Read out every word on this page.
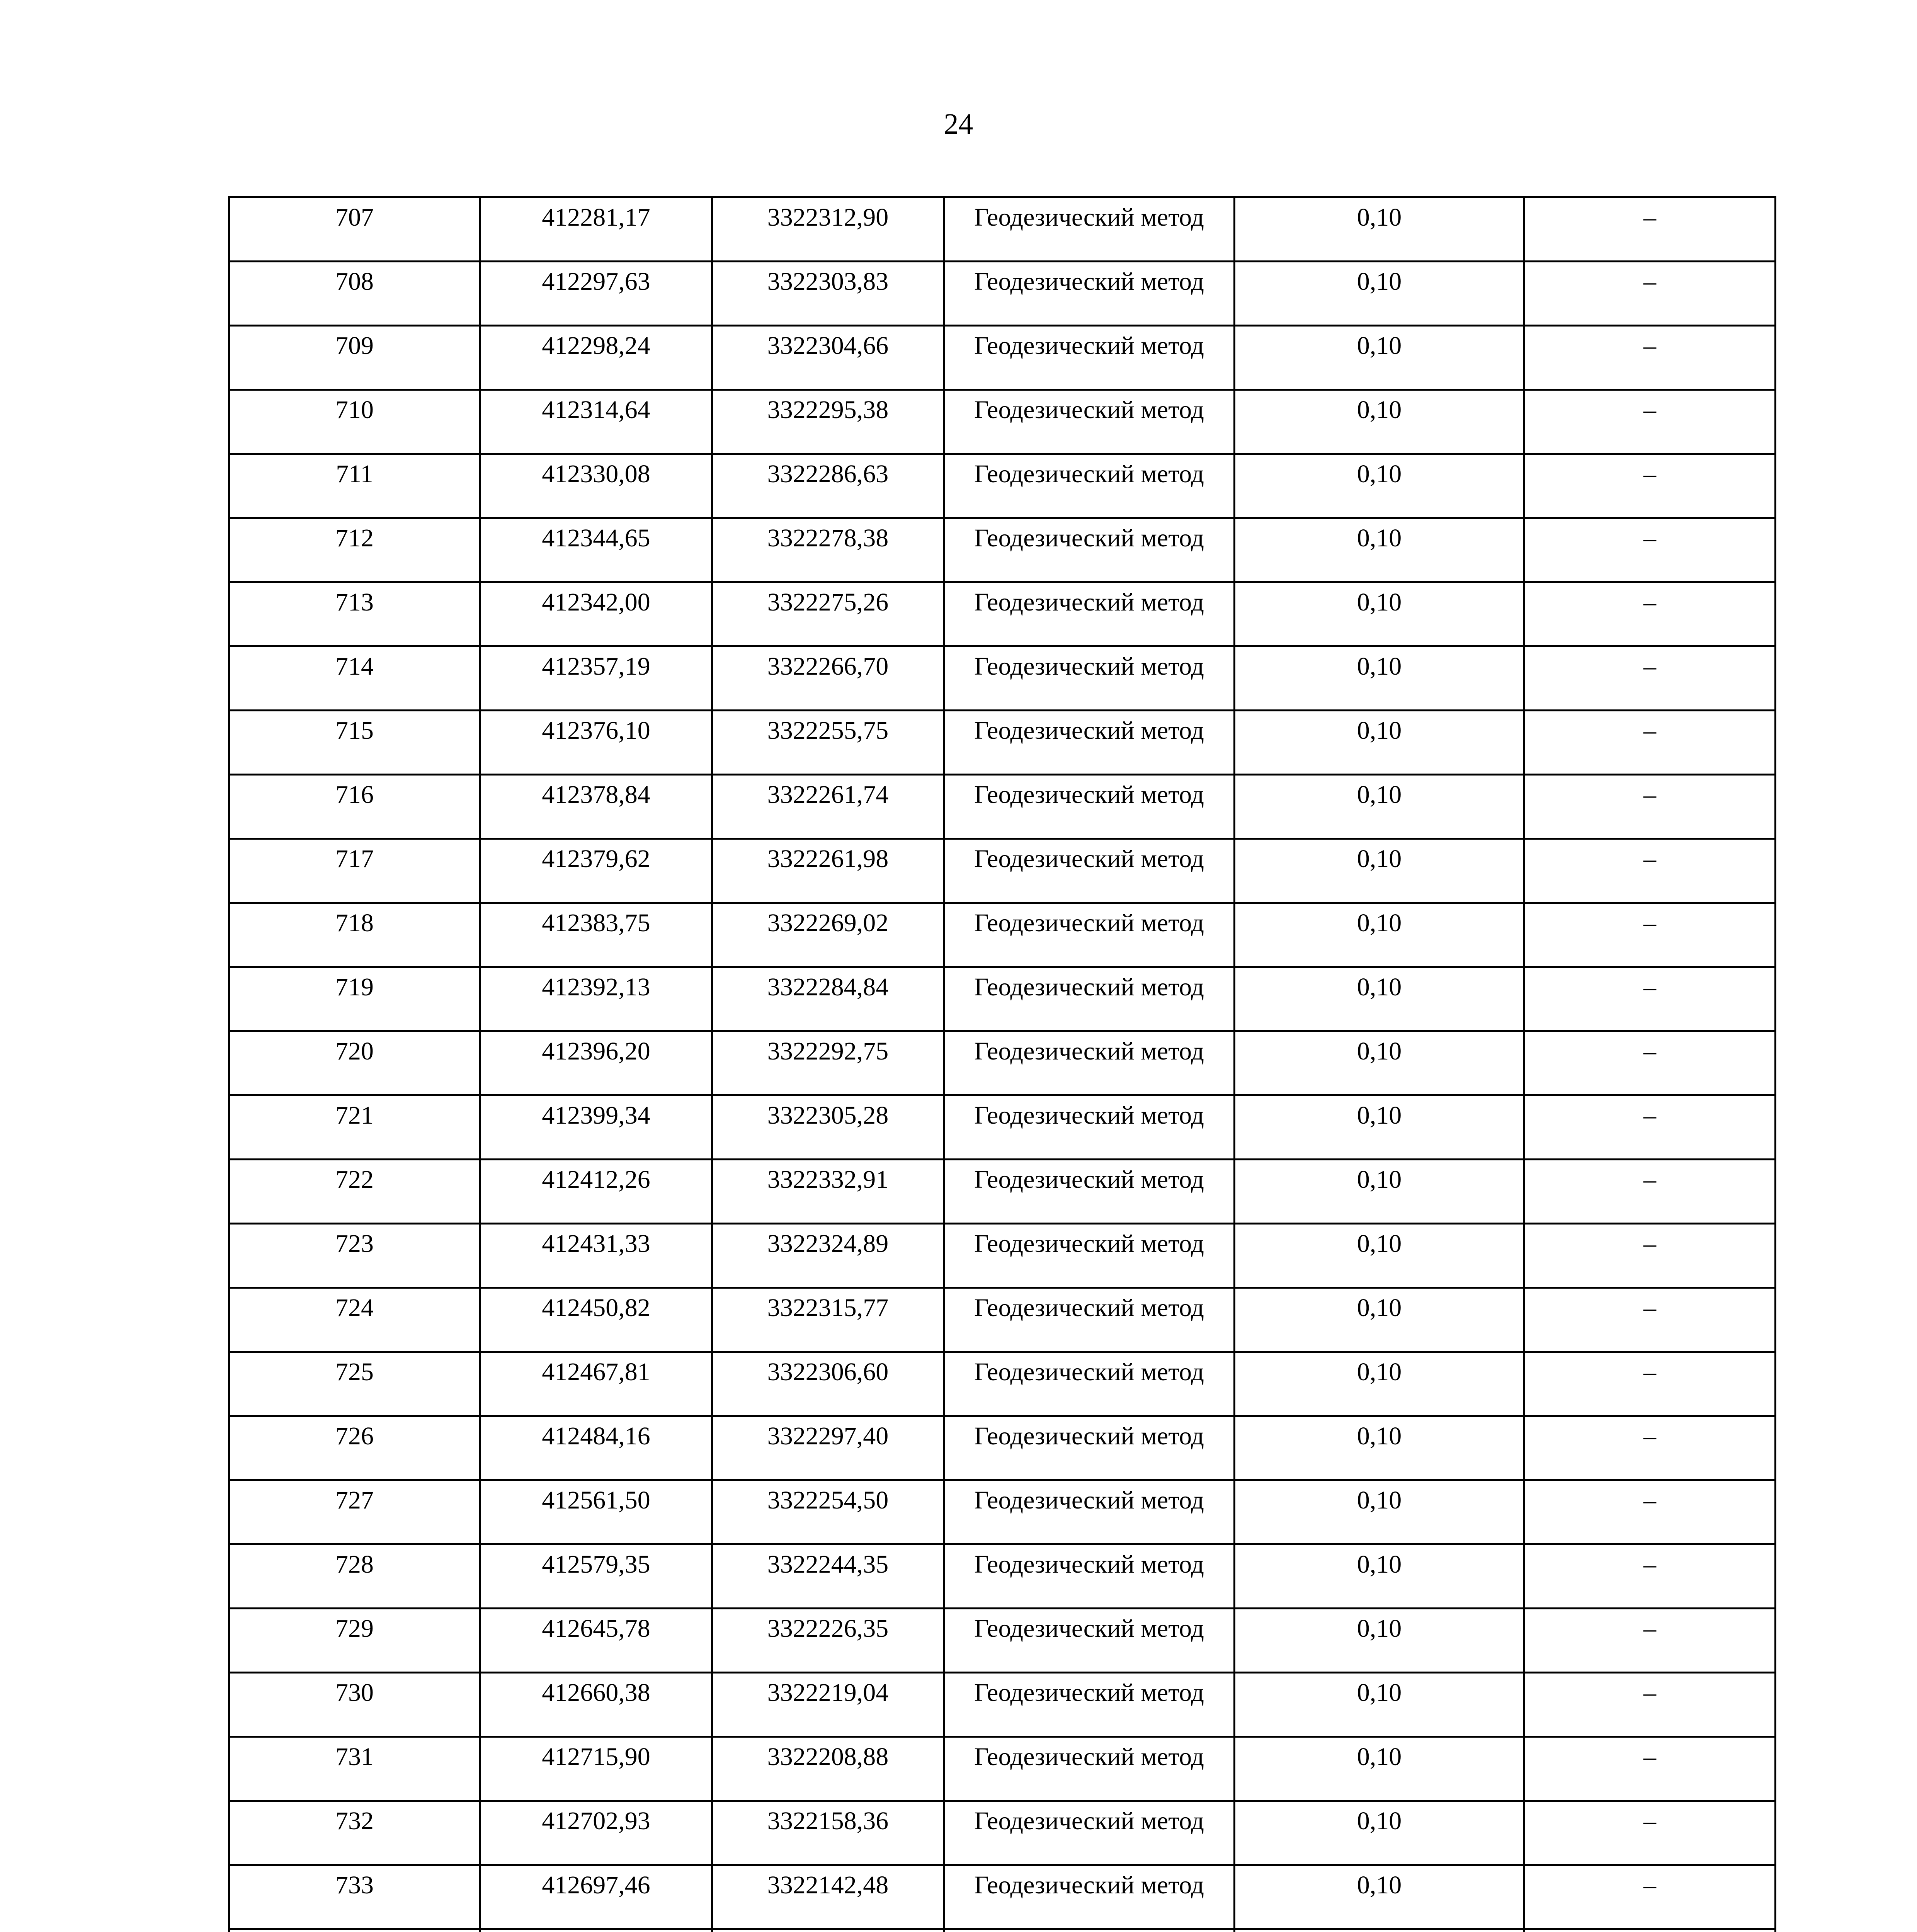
24
707	412281,17	3322312,90	Геодезический метод	0,10	–
708	412297,63	3322303,83	Геодезический метод	0,10	–
709	412298,24	3322304,66	Геодезический метод	0,10	–
710	412314,64	3322295,38	Геодезический метод	0,10	–
711	412330,08	3322286,63	Геодезический метод	0,10	–
712	412344,65	3322278,38	Геодезический метод	0,10	–
713	412342,00	3322275,26	Геодезический метод	0,10	–
714	412357,19	3322266,70	Геодезический метод	0,10	–
715	412376,10	3322255,75	Геодезический метод	0,10	–
716	412378,84	3322261,74	Геодезический метод	0,10	–
717	412379,62	3322261,98	Геодезический метод	0,10	–
718	412383,75	3322269,02	Геодезический метод	0,10	–
719	412392,13	3322284,84	Геодезический метод	0,10	–
720	412396,20	3322292,75	Геодезический метод	0,10	–
721	412399,34	3322305,28	Геодезический метод	0,10	–
722	412412,26	3322332,91	Геодезический метод	0,10	–
723	412431,33	3322324,89	Геодезический метод	0,10	–
724	412450,82	3322315,77	Геодезический метод	0,10	–
725	412467,81	3322306,60	Геодезический метод	0,10	–
726	412484,16	3322297,40	Геодезический метод	0,10	–
727	412561,50	3322254,50	Геодезический метод	0,10	–
728	412579,35	3322244,35	Геодезический метод	0,10	–
729	412645,78	3322226,35	Геодезический метод	0,10	–
730	412660,38	3322219,04	Геодезический метод	0,10	–
731	412715,90	3322208,88	Геодезический метод	0,10	–
732	412702,93	3322158,36	Геодезический метод	0,10	–
733	412697,46	3322142,48	Геодезический метод	0,10	–
